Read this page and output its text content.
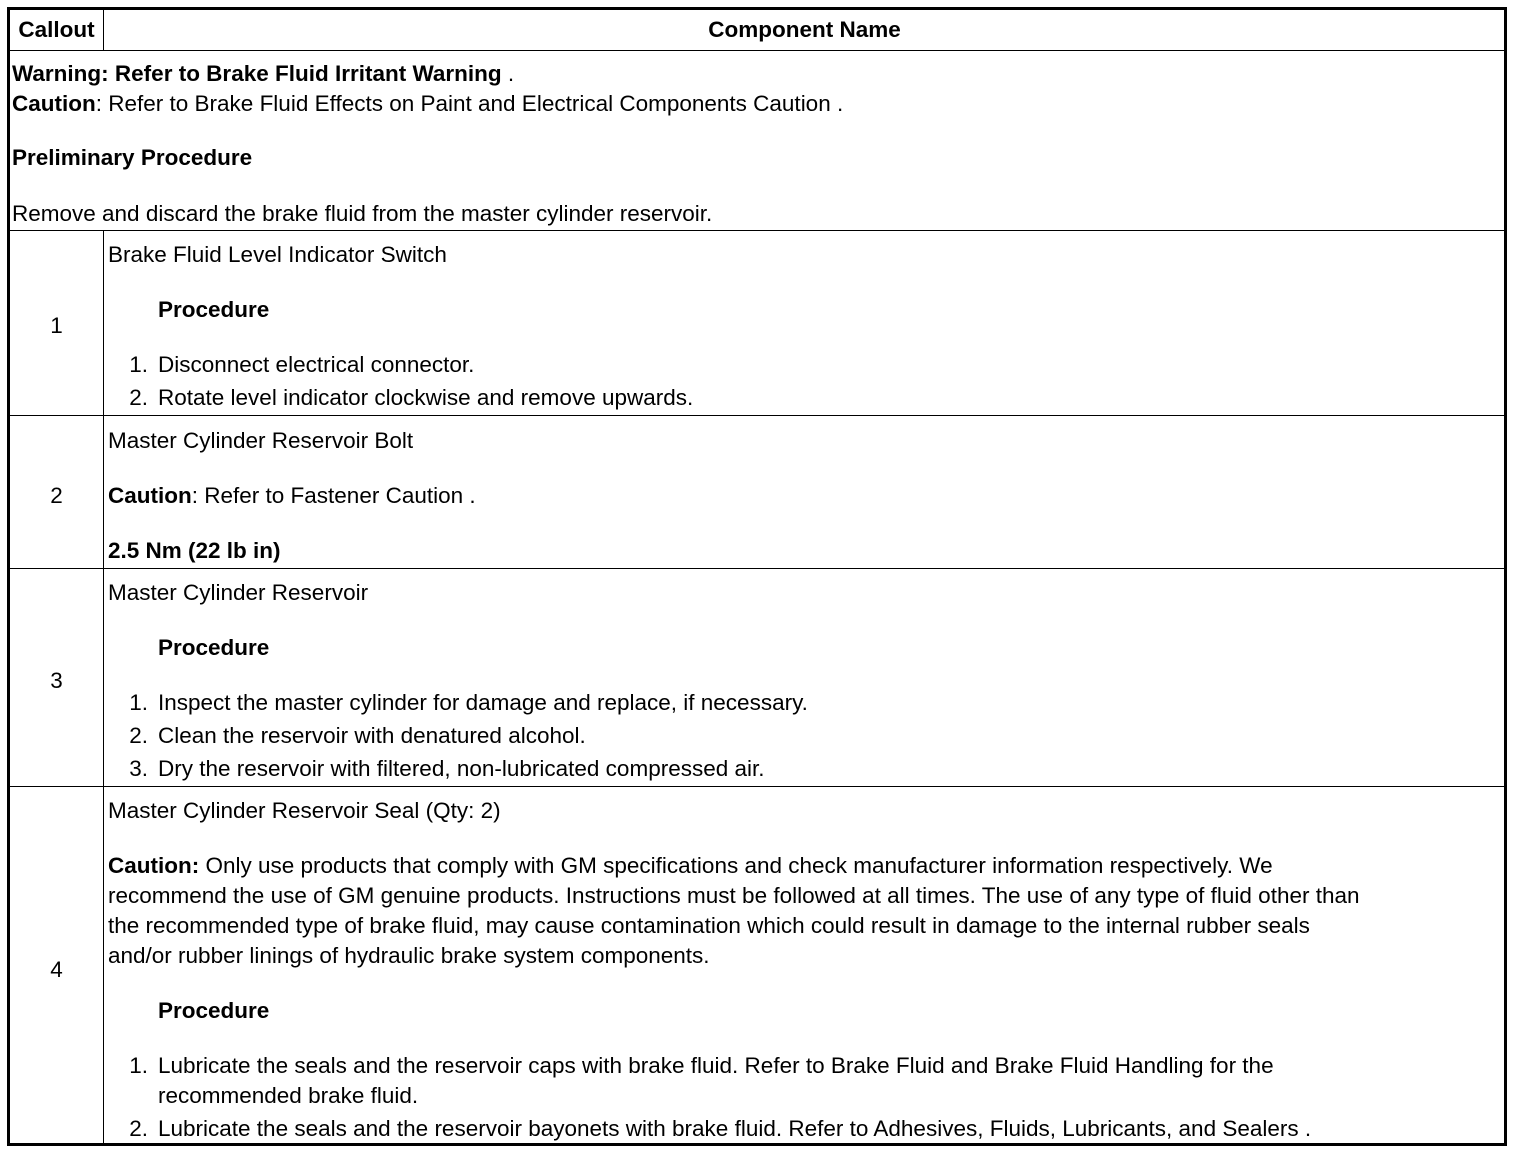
Callout	Component Name
Warning: Refer to Brake Fluid Irritant Warning .
Caution: Refer to Brake Fluid Effects on Paint and Electrical Components Caution .
Preliminary Procedure
Remove and discard the brake fluid from the master cylinder reservoir.
1
Brake Fluid Level Indicator Switch
Procedure
1. Disconnect electrical connector.
2. Rotate level indicator clockwise and remove upwards.
2
Master Cylinder Reservoir Bolt
Caution: Refer to Fastener Caution .
2.5 Nm (22 lb in)
3
Master Cylinder Reservoir
Procedure
1. Inspect the master cylinder for damage and replace, if necessary.
2. Clean the reservoir with denatured alcohol.
3. Dry the reservoir with filtered, non-lubricated compressed air.
4
Master Cylinder Reservoir Seal (Qty: 2)
Caution: Only use products that comply with GM specifications and check manufacturer information respectively. We
recommend the use of GM genuine products. Instructions must be followed at all times. The use of any type of fluid other than
the recommended type of brake fluid, may cause contamination which could result in damage to the internal rubber seals
and/or rubber linings of hydraulic brake system components.
Procedure
1. Lubricate the seals and the reservoir caps with brake fluid. Refer to Brake Fluid and Brake Fluid Handling for the
recommended brake fluid.
2. Lubricate the seals and the reservoir bayonets with brake fluid. Refer to Adhesives, Fluids, Lubricants, and Sealers .
